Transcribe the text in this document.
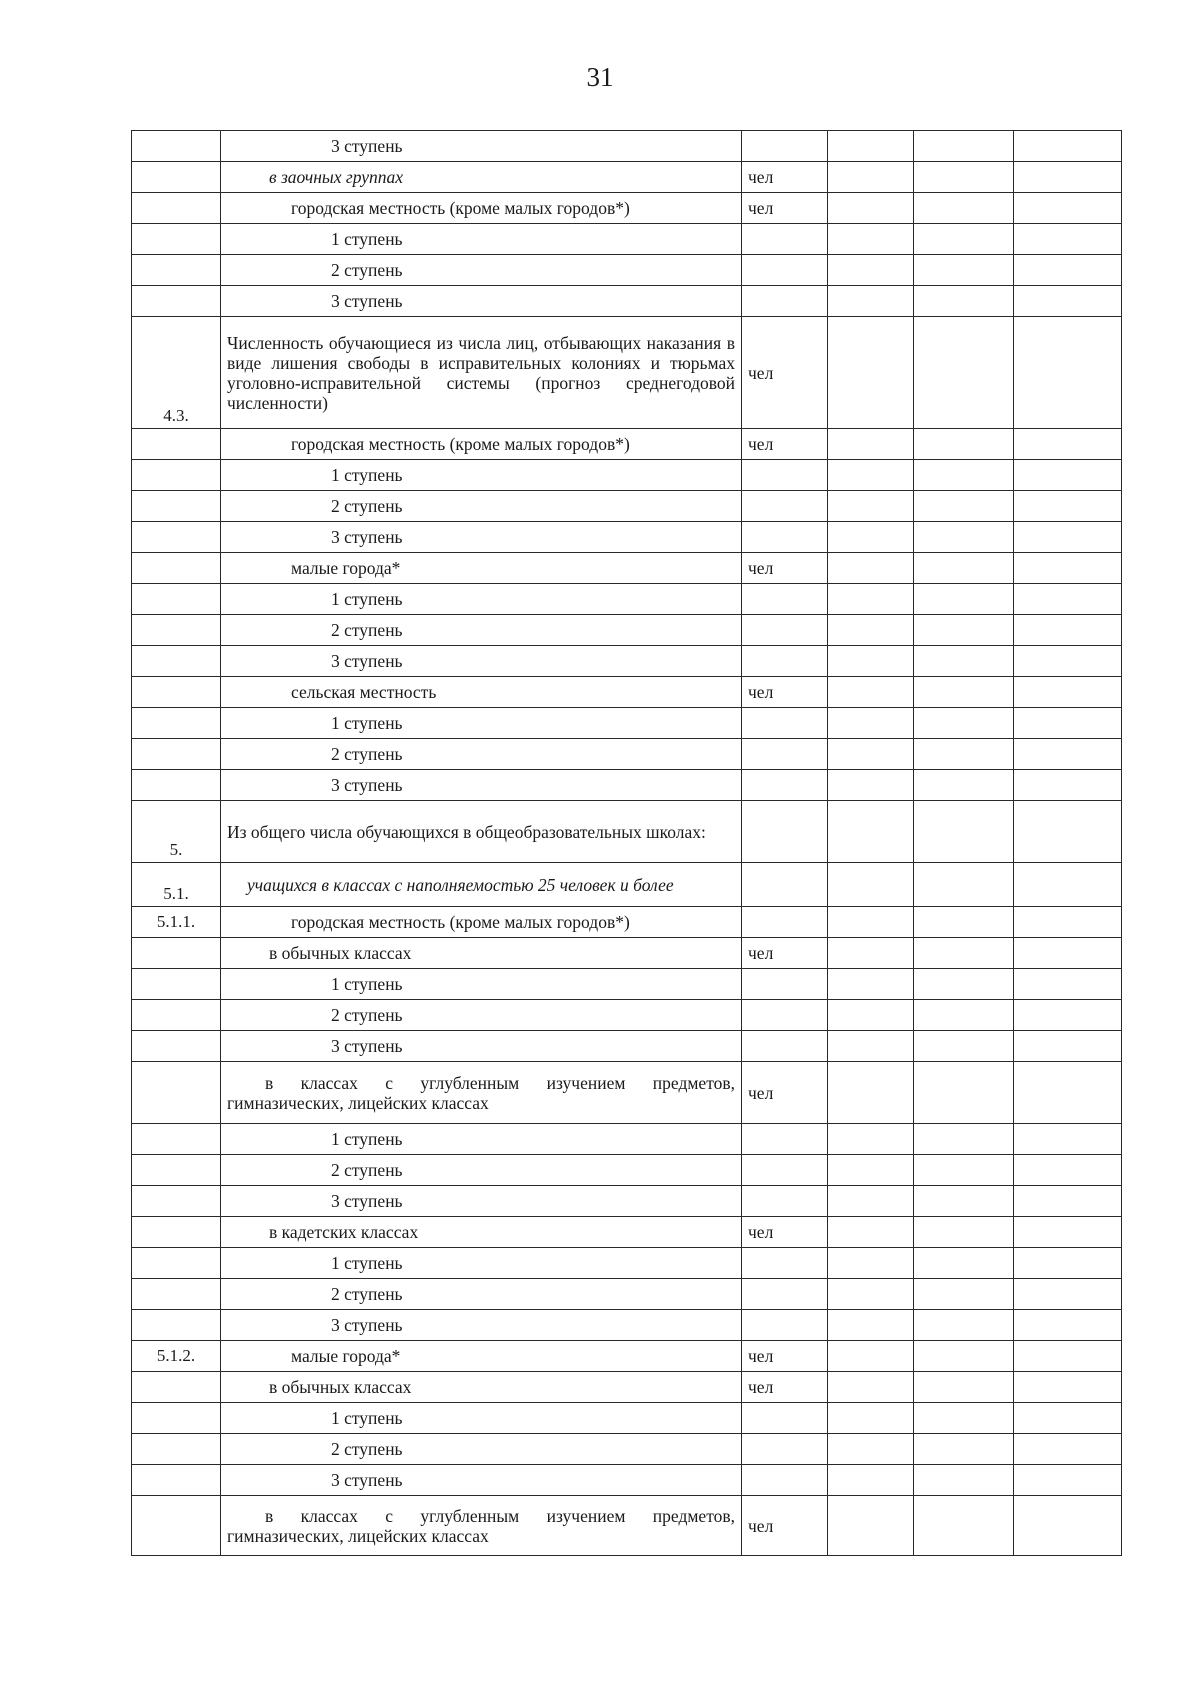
31
	3 ступень				
	в заочных группах	чел			
	городская местность (кроме малых городов*)	чел			
	1 ступень				
	2 ступень				
	3 ступень				
4.3.	Численность обучающиеся из числа лиц, отбывающих наказания в виде лишения свободы в исправительных колониях и тюрьмах уголовно-исправительной системы (прогноз среднегодовой численности)	чел			
	городская местность (кроме малых городов*)	чел			
	1 ступень				
	2 ступень				
	3 ступень				
	малые города*	чел			
	1 ступень				
	2 ступень				
	3 ступень				
	сельская местность	чел			
	1 ступень				
	2 ступень				
	3 ступень				
5.	Из общего числа обучающихся в общеобразовательных школах:				
5.1.	учащихся в классах с наполняемостью 25 человек и более				
5.1.1.	городская местность (кроме малых городов*)				
	в обычных классах	чел			
	1 ступень				
	2 ступень				
	3 ступень				
	в классах с углубленным изучением предметов, гимназических, лицейских классах	чел			
	1 ступень				
	2 ступень				
	3 ступень				
	в кадетских классах	чел			
	1 ступень				
	2 ступень				
	3 ступень				
5.1.2.	малые города*	чел			
	в обычных классах	чел			
	1 ступень				
	2 ступень				
	3 ступень				
	в классах с углубленным изучением предметов, гимназических, лицейских классах	чел			
